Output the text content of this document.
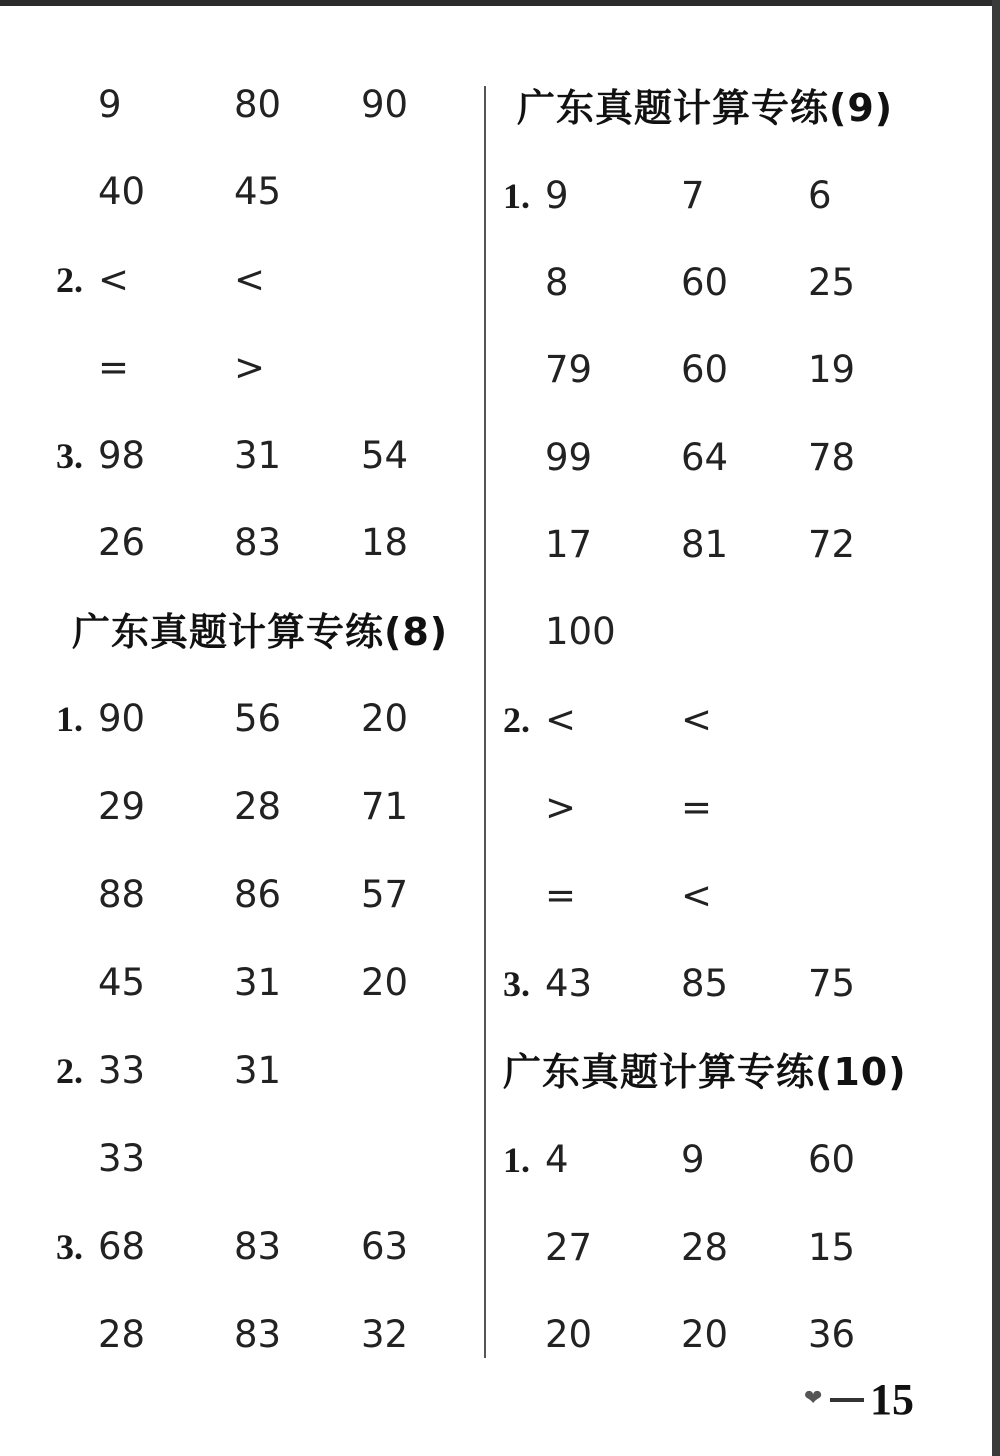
9	80 90
40 45
2. <	<
=	>
3. 98 31 54
26 83 18
广东真题计算专练(8)
1. 90 56 20
29 28 71
88 86 57
45 31 20
2. 33 31
33
3. 68 83 63
28 83 32
广东真题计算专练(9)
1. 9	7	6
8	60 25
79 60 19
99 64 78
17 81 72
100
2. <	<
>	=
=	<
3. 43 85 75
广东真题计算专练(10)
1. 4	9	60
27 28 15
20 20 36
❤ 15
